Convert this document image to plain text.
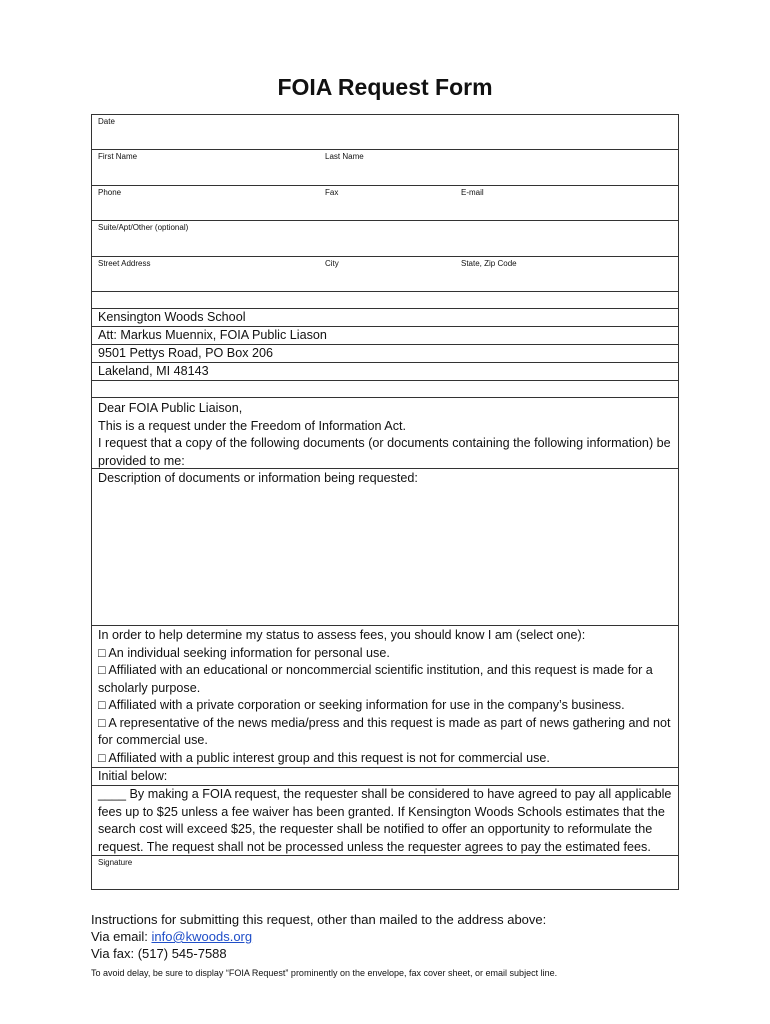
FOIA Request Form
Date
First Name	Last Name
Phone	Fax	E-mail
Suite/Apt/Other (optional)
Street Address	City	State, Zip Code
Kensington Woods School
Att: Markus Muennix, FOIA Public Liason
9501 Pettys Road, PO Box 206
Lakeland, MI 48143
Dear FOIA Public Liaison,
This is a request under the Freedom of Information Act.
I request that a copy of the following documents (or documents containing the following information) be provided to me:
Description of documents or information being requested:
In order to help determine my status to assess fees, you should know I am (select one):
□ An individual seeking information for personal use.
□ Affiliated with an educational or noncommercial scientific institution, and this request is made for a scholarly purpose.
□ Affiliated with a private corporation or seeking information for use in the company’s business.
□ A representative of the news media/press and this request is made as part of news gathering and not for commercial use.
□ Affiliated with a public interest group and this request is not for commercial use.
Initial below:
____ By making a FOIA request, the requester shall be considered to have agreed to pay all applicable fees up to $25 unless a fee waiver has been granted. If Kensington Woods Schools estimates that the search cost will exceed $25, the requester shall be notified to offer an opportunity to reformulate the request. The request shall not be processed unless the requester agrees to pay the estimated fees.
Signature
Instructions for submitting this request, other than mailed to the address above:
Via email: info@kwoods.org
Via fax: (517) 545-7588
To avoid delay, be sure to display “FOIA Request” prominently on the envelope, fax cover sheet, or email subject line.
